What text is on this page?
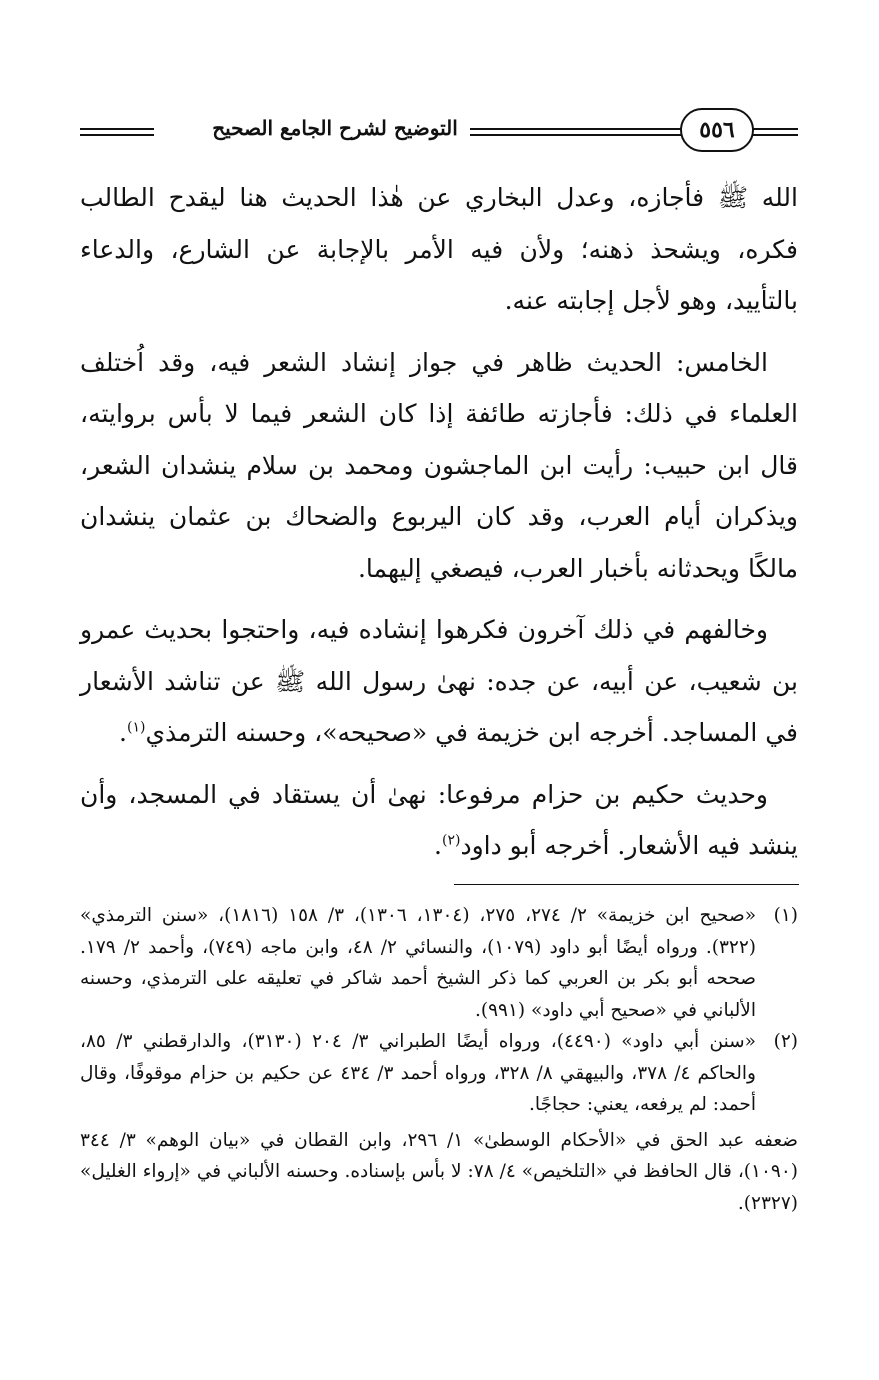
التوضيح لشرح الجامع الصحيح	٥٥٦

الله ﷺ فأجازه، وعدل البخاري عن هٰذا الحديث هنا ليقدح الطالب فكره، ويشحذ ذهنه؛ ولأن فيه الأمر بالإجابة عن الشارع، والدعاء بالتأييد، وهو لأجل إجابته عنه.

الخامس: الحديث ظاهر في جواز إنشاد الشعر فيه، وقد اُختلف العلماء في ذلك: فأجازته طائفة إذا كان الشعر فيما لا بأس بروايته، قال ابن حبيب: رأيت ابن الماجشون ومحمد بن سلام ينشدان الشعر، ويذكران أيام العرب، وقد كان اليربوع والضحاك بن عثمان ينشدان مالكًا ويحدثانه بأخبار العرب، فيصغي إليهما.

وخالفهم في ذلك آخرون فكرهوا إنشاده فيه، واحتجوا بحديث عمرو بن شعيب، عن أبيه، عن جده: نهىٰ رسول الله ﷺ عن تناشد الأشعار في المساجد. أخرجه ابن خزيمة في «صحيحه»، وحسنه الترمذي$^{(١)}$.

وحديث حكيم بن حزام مرفوعا: نهىٰ أن يستقاد في المسجد، وأن ينشد فيه الأشعار. أخرجه أبو داود$^{(٢)}$.

(١)
«صحيح ابن خزيمة» ٢/ ٢٧٤، ٢٧٥، (١٣٠٤، ١٣٠٦)، ٣/ ١٥٨ (١٨١٦)، «سنن الترمذي» (٣٢٢). ورواه أيضًا أبو داود (١٠٧٩)، والنسائي ٢/ ٤٨، وابن ماجه (٧٤٩)، وأحمد ٢/ ١٧٩. صححه أبو بكر بن العربي كما ذكر الشيخ أحمد شاكر في تعليقه على الترمذي، وحسنه الألباني في «صحيح أبي داود» (٩٩١).
(٢)
«سنن أبي داود» (٤٤٩٠)، ورواه أيضًا الطبراني ٣/ ٢٠٤ (٣١٣٠)، والدارقطني ٣/ ٨٥، والحاكم ٤/ ٣٧٨، والبيهقي ٨/ ٣٢٨، ورواه أحمد ٣/ ٤٣٤ عن حكيم بن حزام موقوفًا، وقال أحمد: لم يرفعه، يعني: حجاجًا.
ضعفه عبد الحق في «الأحكام الوسطىٰ» ١/ ٢٩٦، وابن القطان في «بيان الوهم» ٣/ ٣٤٤ (١٠٩٠)، قال الحافظ في «التلخيص» ٤/ ٧٨: لا بأس بإسناده. وحسنه الألباني في «إرواء الغليل» (٢٣٢٧).
